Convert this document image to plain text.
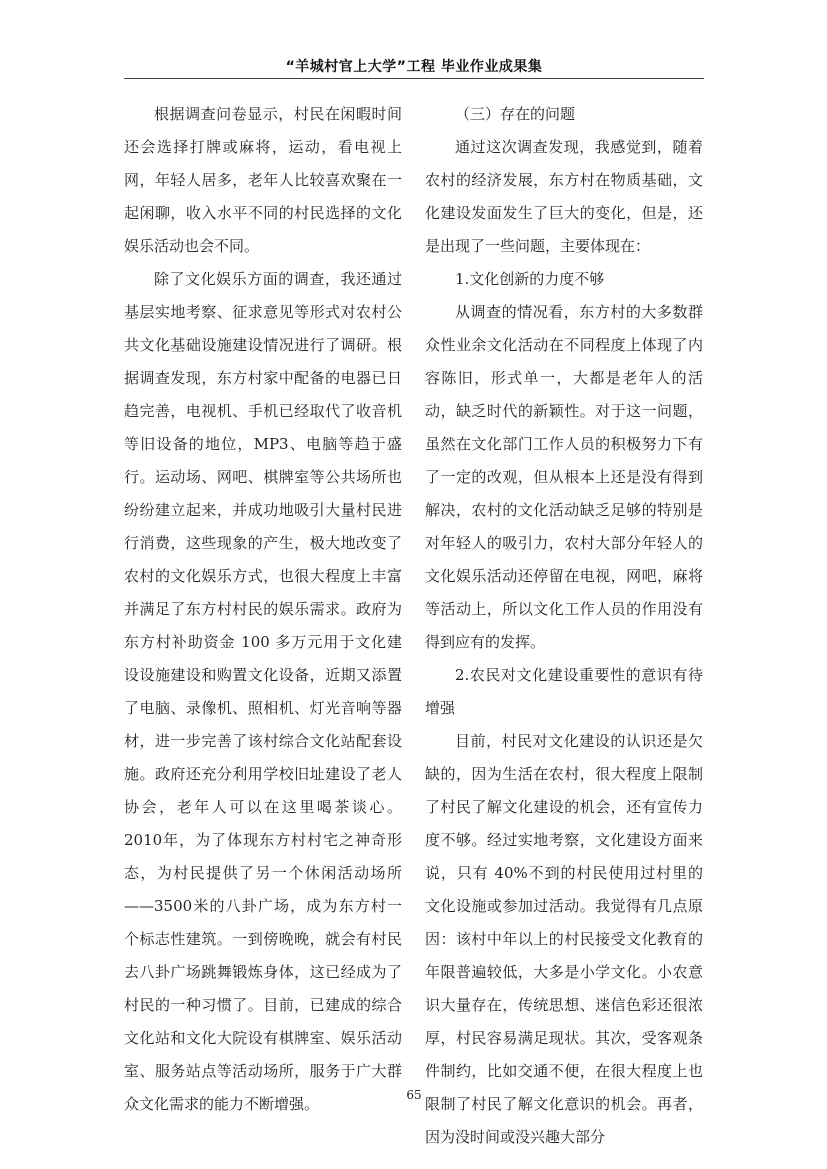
“羊城村官上大学”工程 毕业作业成果集

根据调查问卷显示，村民在闲暇时间还会选择打牌或麻将，运动，看电视上网，年轻人居多，老年人比较喜欢聚在一起闲聊，收入水平不同的村民选择的文化娱乐活动也会不同。

除了文化娱乐方面的调查，我还通过基层实地考察、征求意见等形式对农村公共文化基础设施建设情况进行了调研。根据调查发现，东方村家中配备的电器已日趋完善，电视机、手机已经取代了收音机等旧设备的地位，MP3、电脑等趋于盛行。运动场、网吧、棋牌室等公共场所也纷纷建立起来，并成功地吸引大量村民进行消费，这些现象的产生，极大地改变了农村的文化娱乐方式，也很大程度上丰富并满足了东方村村民的娱乐需求。政府为东方村补助资金 100 多万元用于文化建设设施建设和购置文化设备，近期又添置了电脑、录像机、照相机、灯光音响等器材，进一步完善了该村综合文化站配套设施。政府还充分利用学校旧址建设了老人协会，老年人可以在这里喝茶谈心。2010年，为了体现东方村村宅之神奇形态，为村民提供了另一个休闲活动场所——3500米的八卦广场，成为东方村一个标志性建筑。一到傍晚晚，就会有村民去八卦广场跳舞锻炼身体，这已经成为了村民的一种习惯了。目前，已建成的综合文化站和文化大院设有棋牌室、娱乐活动室、服务站点等活动场所，服务于广大群众文化需求的能力不断增强。

（三）存在的问题

通过这次调查发现，我感觉到，随着农村的经济发展，东方村在物质基础，文化建设发面发生了巨大的变化，但是，还是出现了一些问题，主要体现在：

1.文化创新的力度不够

从调查的情况看，东方村的大多数群众性业余文化活动在不同程度上体现了内容陈旧，形式单一，大都是老年人的活动，缺乏时代的新颖性。对于这一问题，虽然在文化部门工作人员的积极努力下有了一定的改观，但从根本上还是没有得到解决，农村的文化活动缺乏足够的特别是对年轻人的吸引力，农村大部分年轻人的文化娱乐活动还停留在电视，网吧，麻将等活动上，所以文化工作人员的作用没有得到应有的发挥。

2.农民对文化建设重要性的意识有待增强

目前，村民对文化建设的认识还是欠缺的，因为生活在农村，很大程度上限制了村民了解文化建设的机会，还有宣传力度不够。经过实地考察，文化建设方面来说，只有 40%不到的村民使用过村里的文化设施或参加过活动。我觉得有几点原因：该村中年以上的村民接受文化教育的年限普遍较低，大多是小学文化。小农意识大量存在，传统思想、迷信色彩还很浓厚，村民容易满足现状。其次，受客观条件制约，比如交通不便，在很大程度上也限制了村民了解文化意识的机会。再者，因为没时间或没兴趣大部分

65
